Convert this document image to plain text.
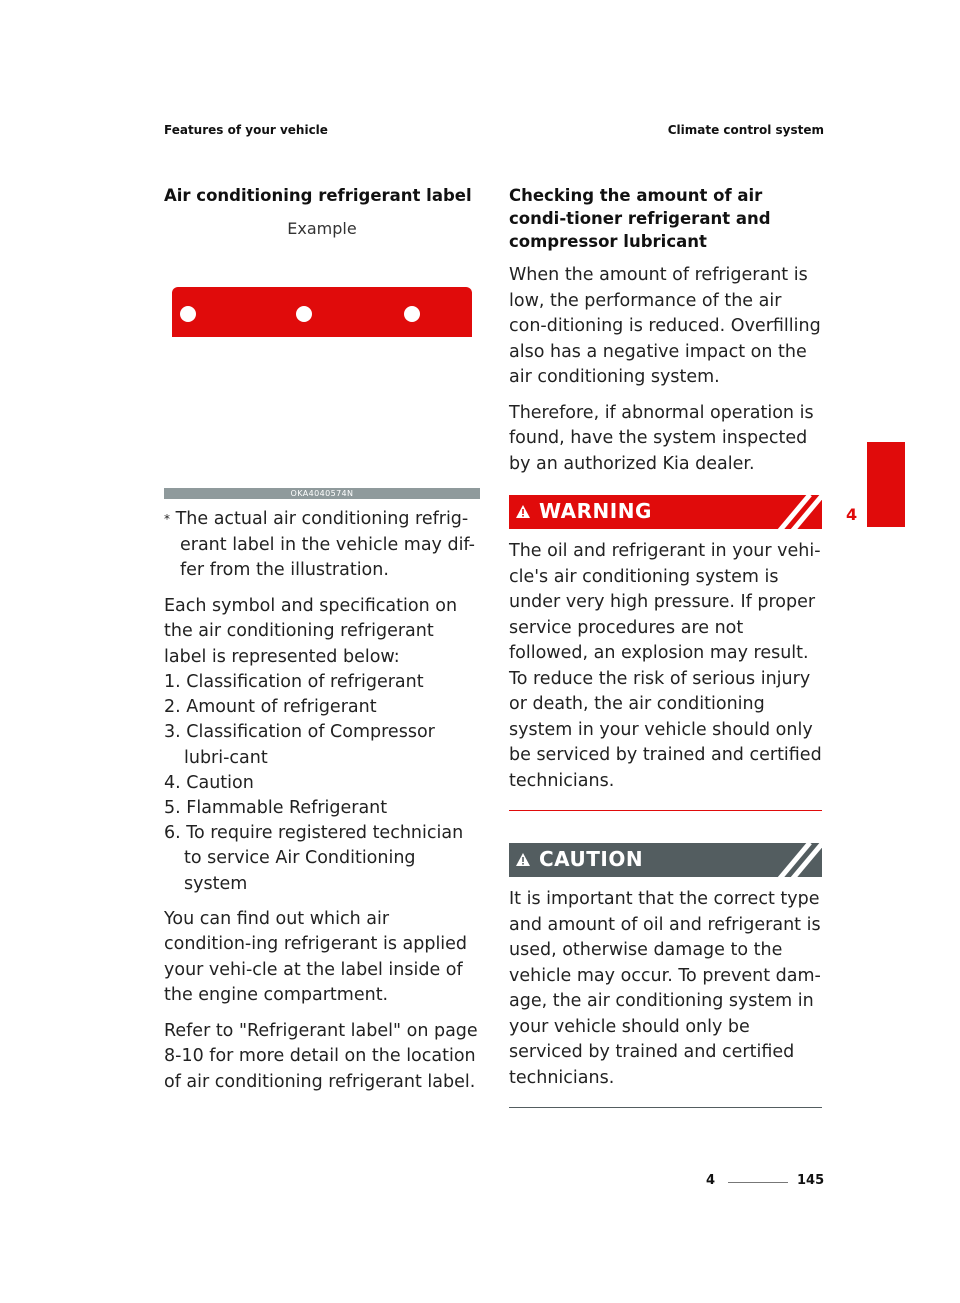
Features of your vehicle	Climate control system
Air conditioning refrigerant label
Example
OKA4040574N
* The actual air conditioning refrig-erant label in the vehicle may dif-fer from the illustration.
Each symbol and specification on the air conditioning refrigerant label is represented below:
1. Classification of refrigerant
2. Amount of refrigerant
3. Classification of Compressor lubri-cant
4. Caution
5. Flammable Refrigerant
6. To require registered technician to service Air Conditioning system
You can find out which air condition-ing refrigerant is applied your vehi-cle at the label inside of the engine compartment.
Refer to "Refrigerant label" on page 8-10 for more detail on the location of air conditioning refrigerant label.
Checking the amount of air condi-tioner refrigerant and compressor lubricant
When the amount of refrigerant is low, the performance of the air con-ditioning is reduced. Overfilling also has a negative impact on the air conditioning system.
Therefore, if abnormal operation is found, have the system inspected by an authorized Kia dealer.
WARNING
The oil and refrigerant in your vehi-cle's air conditioning system is under very high pressure. If proper service procedures are not followed, an explosion may result. To reduce the risk of serious injury or death, the air conditioning system in your vehicle should only be serviced by trained and certified technicians.
CAUTION
It is important that the correct type and amount of oil and refrigerant is used, otherwise damage to the vehicle may occur. To prevent dam-age, the air conditioning system in your vehicle should only be serviced by trained and certified technicians.
4
4	145
